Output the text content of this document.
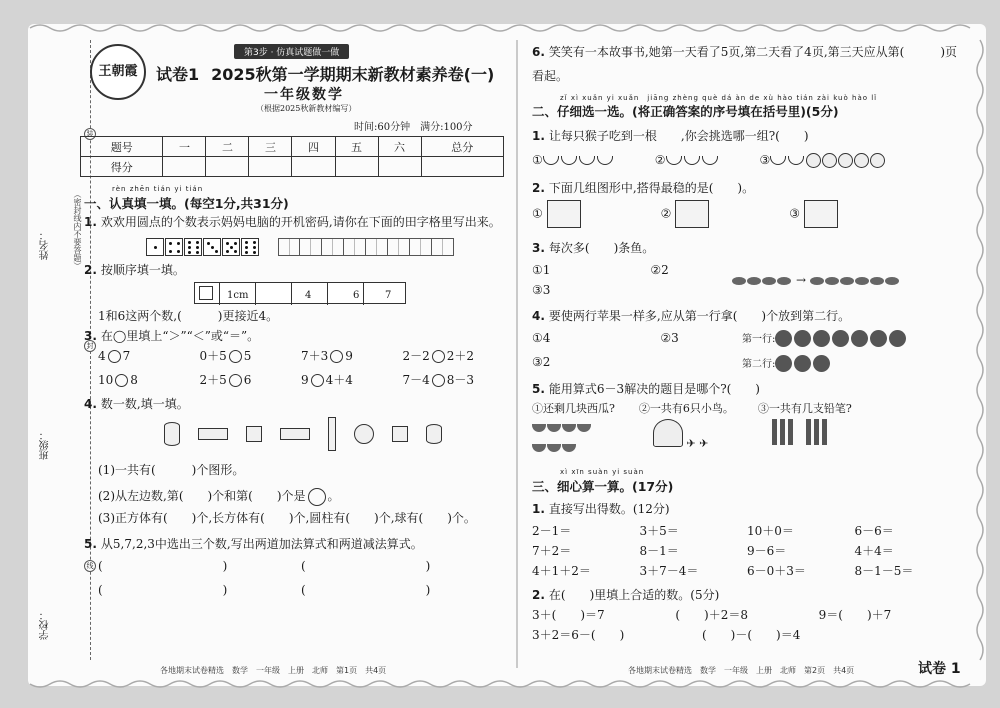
姓名：
班级：
学校：
（密封线内不要答题）
装
封
线
王朝霞
第3步 · 仿真试题做一做
试卷1 2025秋第一学期期末新教材素养卷(一)
一年级数学
（根据2025秋新教材编写）
时间:60分钟　满分:100分
题号	一	二	三	四	五	六	总分
得分							
rèn zhēn tián yi tián
一、认真填一填。(每空1分,共31分)
1. 欢欢用圆点的个数表示妈妈电脑的开机密码,请你在下面的田字格里写出来。

2. 按顺序填一填。
1cm	4	6	7
1和6这两个数,(　　　)更接近4。
3. 在◯里填上“＞”“＜”或“＝”。
4 7	0＋5 5	7＋3 9	2－2 2＋2
10 8	2＋5 6	9 4＋4	7－4 8－3
4. 数一数,填一填。
(1)一共有(　　　)个图形。
(2)从左边数,第(　　)个和第(　　)个是 。
(3)正方体有(　　)个,长方体有(　　)个,圆柱有(　　)个,球有(　　)个。
5. 从5,7,2,3中选出三个数,写出两道加法算式和两道减法算式。
(　　　　　　　　　　)	(　　　　　　　　　　)
(　　　　　　　　　　)	(　　　　　　　　　　)
6. 笑笑有一本故事书,她第一天看了5页,第二天看了4页,第三天应从第(　　　)页看起。
zǐ xì xuǎn yi xuǎn　jiāng zhèng què dá àn de xù hào tián zài kuò hào lǐ
二、仔细选一选。(将正确答案的序号填在括号里)(5分)
1. 让每只猴子吃到一根　　,你会挑选哪一组?(　　)
①	②	③
2. 下面几组图形中,搭得最稳的是(　　)。
①	②	③
3. 每次多(　　)条鱼。
①1	②2
③3
→
4. 要使两行苹果一样多,应从第一行拿(　　)个放到第二行。
①4	②3
③2
第一行:
第二行:
5. 能用算式6－3解决的题目是哪个?(　　)
①还剩几块西瓜? ②一共有6只小鸟。
✈ ✈
③一共有几支铅笔?
xì xīn suàn yi suàn
三、细心算一算。(17分)
1. 直接写出得数。(12分)
2－1＝	3＋5＝	10＋0＝	6－6＝
7＋2＝	8－1＝	9－6＝	4＋4＝
4＋1＋2＝	3＋7－4＝	6－0＋3＝	8－1－5＝
2. 在(　　)里填上合适的数。(5分)
3＋(　　)＝7	(　　)＋2＝8	9＝(　　)＋7
3＋2＝6－(　　)	(　　)－(　　)＝4
各地期末试卷精选　数学　一年级　上册　北师　第1页　共4页	各地期末试卷精选　数学　一年级　上册　北师　第2页　共4页	试卷 1
